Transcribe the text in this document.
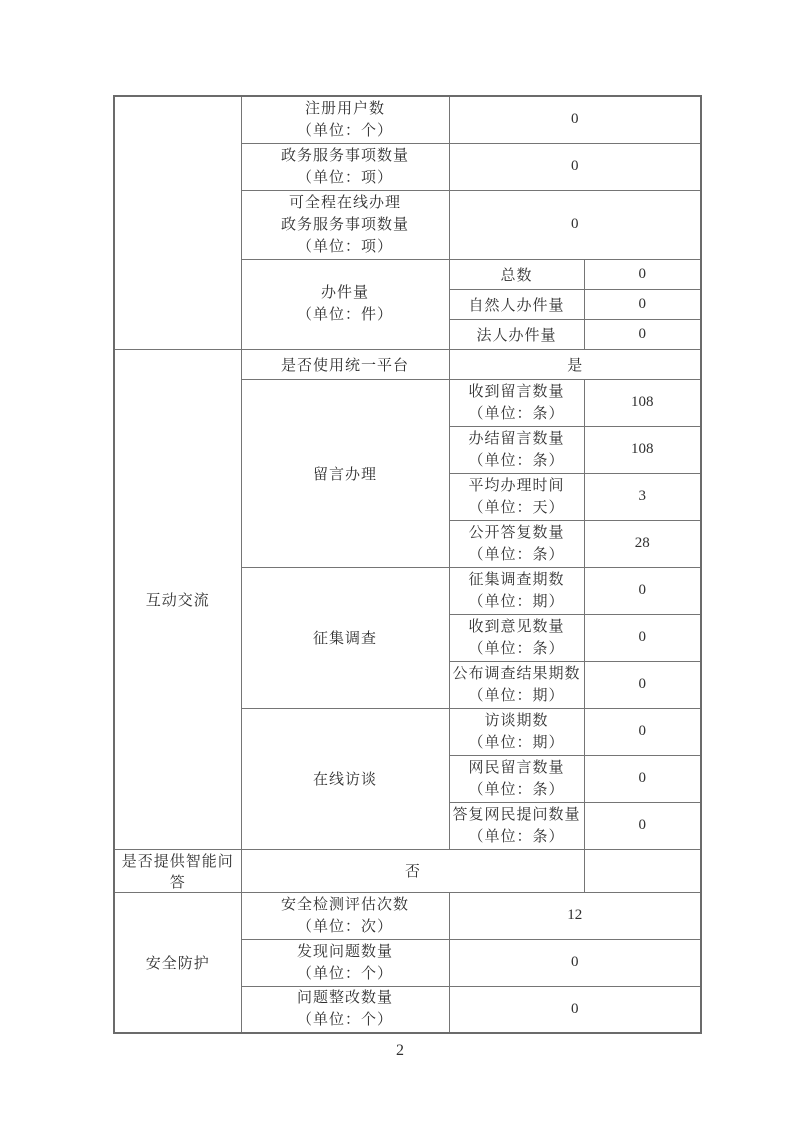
	注册用户数
（单位：个）	0	

	政务服务事项数量
（单位：项）	0	

	可全程在线办理
政务服务事项数量
（单位：项）	0	

	办件量
（单位：件）	总数	0
		自然人办件量	0
		法人办件量	0
互动交流	是否使用统一平台	是	
	留言办理	收到留言数量
（单位：条）	108

		办结留言数量
（单位：条）	108

		平均办理时间
（单位：天）	3

		公开答复数量
（单位：条）	28
	征集调查	征集调查期数
（单位：期）	0

		收到意见数量
（单位：条）	0

		公布调查结果期数
（单位：期）	0
	在线访谈	访谈期数
（单位：期）	0

		网民留言数量
（单位：条）	0

		答复网民提问数量
（单位：条）	0
是否提供智能问答	否		
安全防护	安全检测评估次数
（单位：次）	12	

	发现问题数量
（单位：个）	0	

	问题整改数量
（单位：个）	0	
2
